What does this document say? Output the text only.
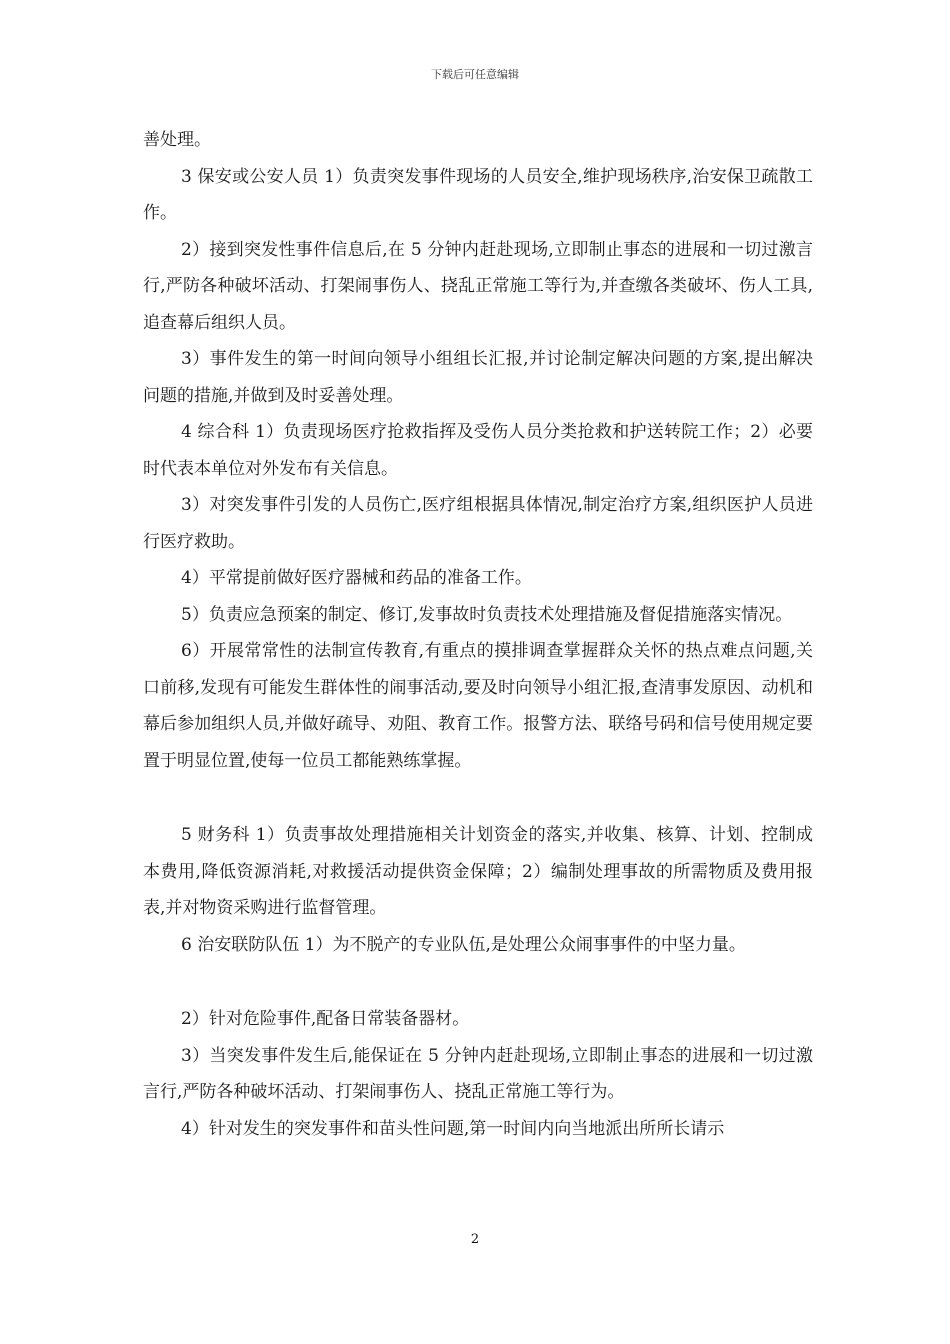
下载后可任意编辑

善处理。

3 保安或公安人员 1）负责突发事件现场的人员安全,维护现场秩序,治安保卫疏散工作。

2）接到突发性事件信息后,在 5 分钟内赶赴现场,立即制止事态的进展和一切过激言行,严防各种破坏活动、打架闹事伤人、挠乱正常施工等行为,并查缴各类破坏、伤人工具,追查幕后组织人员。

3）事件发生的第一时间向领导小组组长汇报,并讨论制定解决问题的方案,提出解决问题的措施,并做到及时妥善处理。

4 综合科 1）负责现场医疗抢救指挥及受伤人员分类抢救和护送转院工作；2）必要时代表本单位对外发布有关信息。

3）对突发事件引发的人员伤亡,医疗组根据具体情况,制定治疗方案,组织医护人员进行医疗救助。

4）平常提前做好医疗器械和药品的准备工作。

5）负责应急预案的制定、修订,发事故时负责技术处理措施及督促措施落实情况。

6）开展常常性的法制宣传教育,有重点的摸排调查掌握群众关怀的热点难点问题,关口前移,发现有可能发生群体性的闹事活动,要及时向领导小组汇报,查清事发原因、动机和幕后参加组织人员,并做好疏导、劝阻、教育工作。报警方法、联络号码和信号使用规定要置于明显位置,使每一位员工都能熟练掌握。

5 财务科 1）负责事故处理措施相关计划资金的落实,并收集、核算、计划、控制成本费用,降低资源消耗,对救援活动提供资金保障；2）编制处理事故的所需物质及费用报表,并对物资采购进行监督管理。

6 治安联防队伍 1）为不脱产的专业队伍,是处理公众闹事事件的中坚力量。

2）针对危险事件,配备日常装备器材。

3）当突发事件发生后,能保证在 5 分钟内赶赴现场,立即制止事态的进展和一切过激言行,严防各种破坏活动、打架闹事伤人、挠乱正常施工等行为。

4）针对发生的突发事件和苗头性问题,第一时间内向当地派出所所长请示

2
